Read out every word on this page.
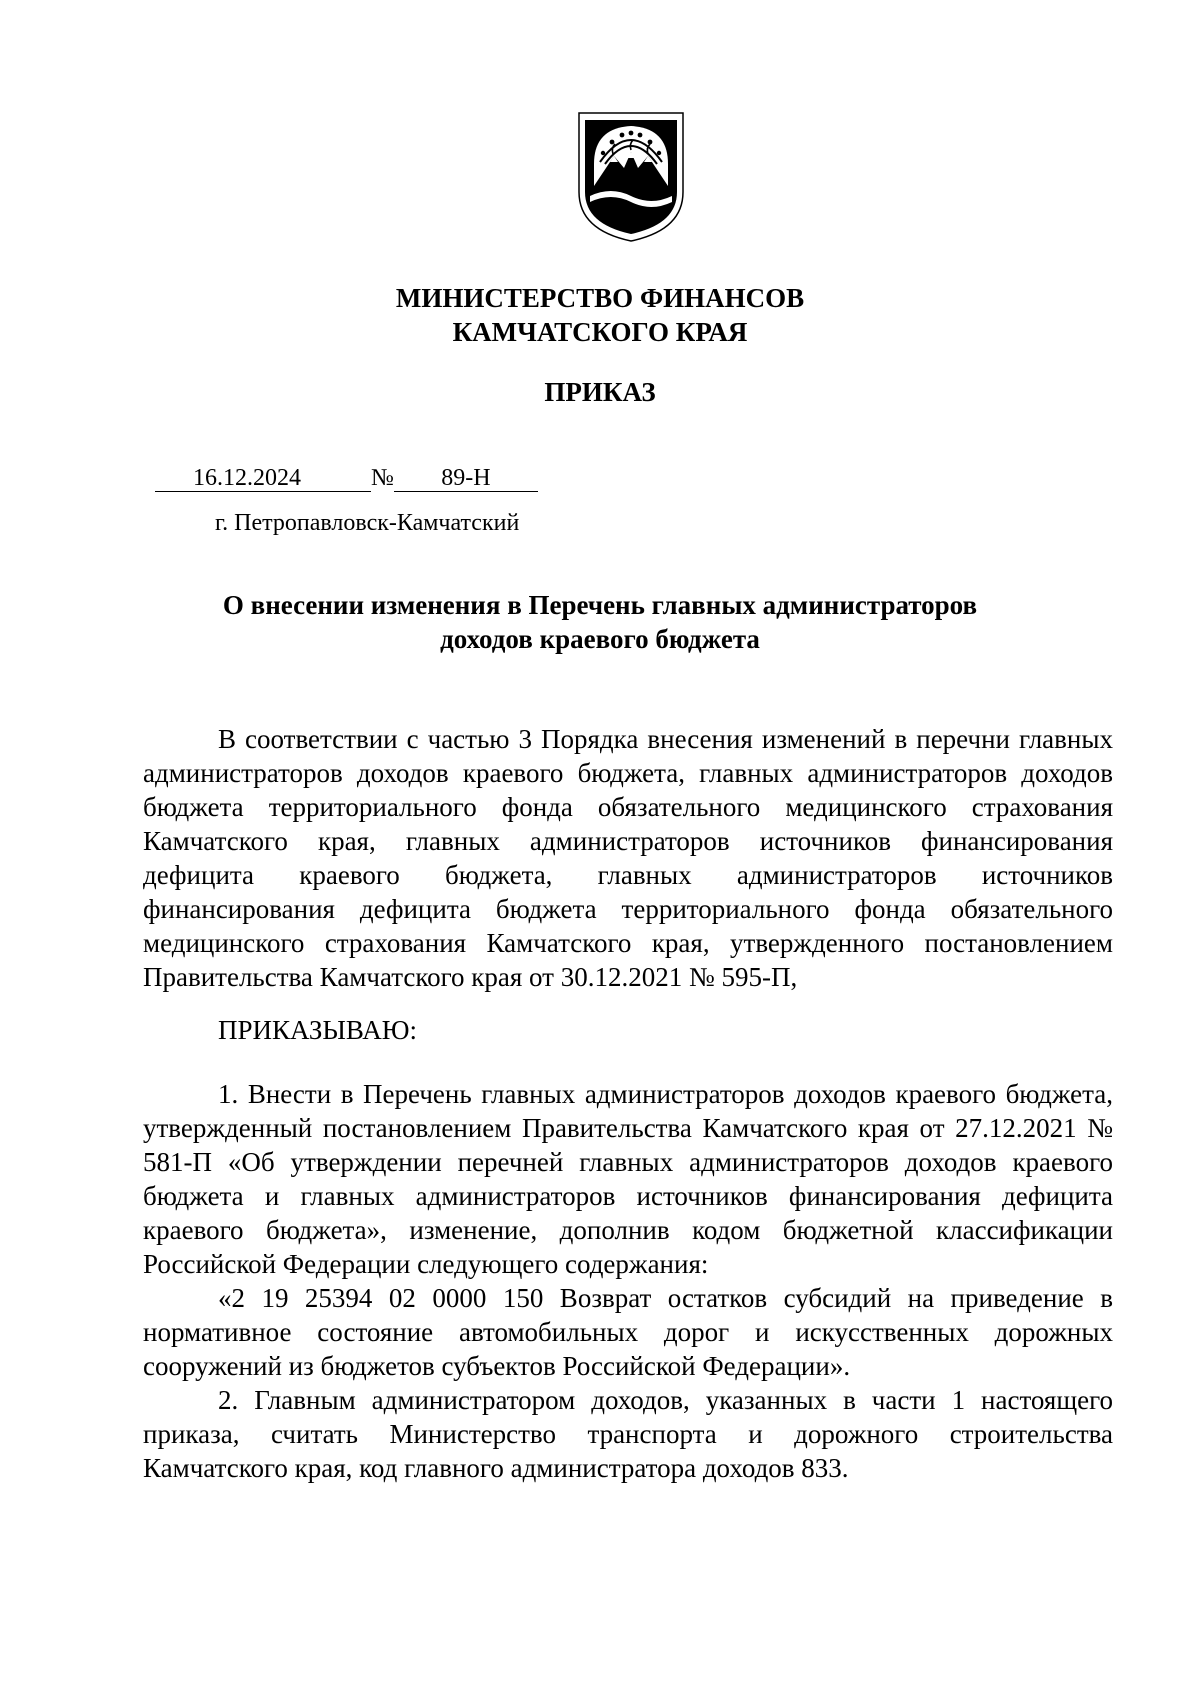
МИНИСТЕРСТВО ФИНАНСОВ
КАМЧАТСКОГО КРАЯ
ПРИКАЗ
16.12.2024	№ 89-Н
г. Петропавловск-Камчатский
О внесении изменения в Перечень главных администраторов
доходов краевого бюджета

В соответствии с частью 3 Порядка внесения изменений в перечни главных администраторов доходов краевого бюджета, главных администраторов доходов бюджета территориального фонда обязательного медицинского страхования Камчатского края, главных администраторов источников финансирования дефицита краевого бюджета, главных администраторов источников финансирования дефицита бюджета территориального фонда обязательного медицинского страхования Камчатского края, утвержденного постановлением Правительства Камчатского края от 30.12.2021 № 595-П,

ПРИКАЗЫВАЮ:

1. Внести в Перечень главных администраторов доходов краевого бюджета, утвержденный постановлением Правительства Камчатского края от 27.12.2021 № 581-П «Об утверждении перечней главных администраторов доходов краевого бюджета и главных администраторов источников финансирования дефицита краевого бюджета», изменение, дополнив кодом бюджетной классификации Российской Федерации следующего содержания:

«2 19 25394 02 0000 150 Возврат остатков субсидий на приведение в нормативное состояние автомобильных дорог и искусственных дорожных сооружений из бюджетов субъектов Российской Федерации».

2. Главным администратором доходов, указанных в части 1 настоящего приказа, считать Министерство транспорта и дорожного строительства Камчатского края, код главного администратора доходов 833.
